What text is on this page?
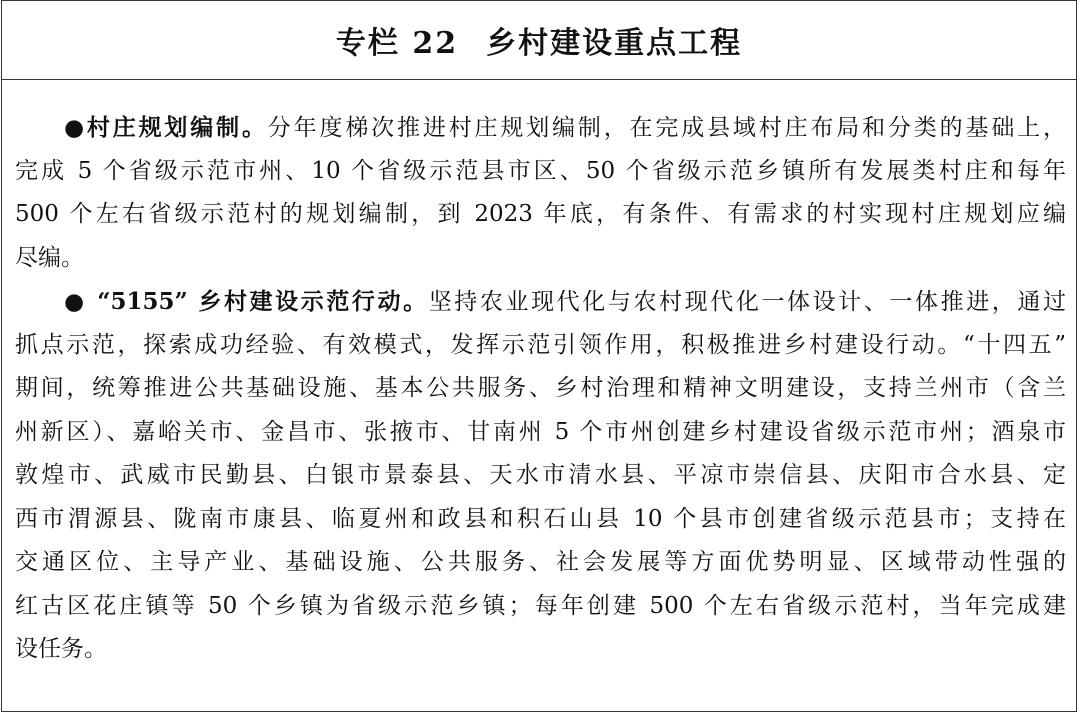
专栏 22 乡村建设重点工程
●村庄规划编制。分年度梯次推进村庄规划编制，在完成县域村庄布局和分类的基础上，
完成 5 个省级示范市州、10 个省级示范县市区、50 个省级示范乡镇所有发展类村庄和每年
500 个左右省级示范村的规划编制，到 2023 年底，有条件、有需求的村实现村庄规划应编
尽编。
● “5155” 乡村建设示范行动。坚持农业现代化与农村现代化一体设计、一体推进，通过
抓点示范，探索成功经验、有效模式，发挥示范引领作用，积极推进乡村建设行动。“十四五”
期间，统筹推进公共基础设施、基本公共服务、乡村治理和精神文明建设，支持兰州市（含兰
州新区）、嘉峪关市、金昌市、张掖市、甘南州 5 个市州创建乡村建设省级示范市州；酒泉市
敦煌市、武威市民勤县、白银市景泰县、天水市清水县、平凉市崇信县、庆阳市合水县、定
西市渭源县、陇南市康县、临夏州和政县和积石山县 10 个县市创建省级示范县市；支持在
交通区位、主导产业、基础设施、公共服务、社会发展等方面优势明显、区域带动性强的
红古区花庄镇等 50 个乡镇为省级示范乡镇；每年创建 500 个左右省级示范村，当年完成建
设任务。
